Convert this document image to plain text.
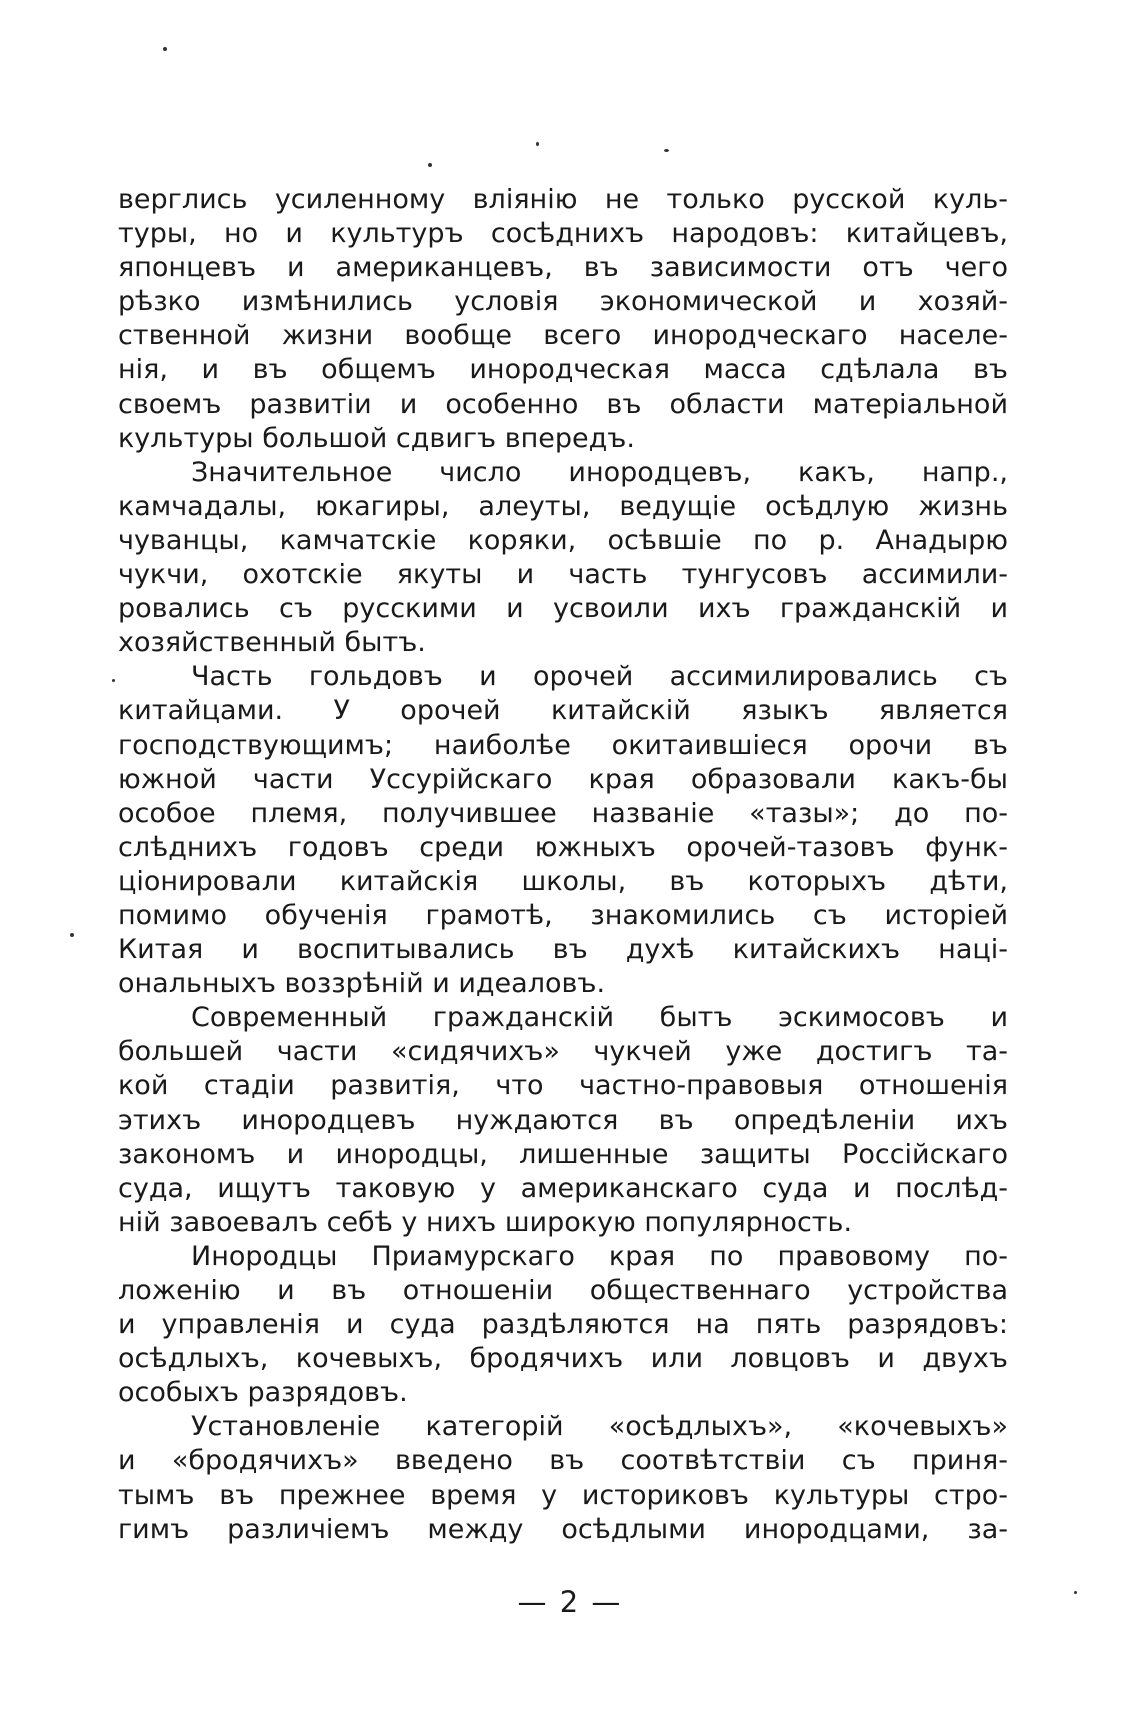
верглись усиленному вліянію не только русской куль-
туры, но и культуръ сосѣднихъ народовъ: китайцевъ,
японцевъ и американцевъ, въ зависимости отъ чего
рѣзко измѣнились условія экономической и хозяй-
ственной жизни вообще всего инородческаго населе-
нія, и въ общемъ инородческая масса сдѣлала въ
своемъ развитіи и особенно въ области матеріальной
культуры большой сдвигъ впередъ.
Значительное число инородцевъ, какъ, напр.,
камчадалы, юкагиры, алеуты, ведущіе осѣдлую жизнь
чуванцы, камчатскіе коряки, осѣвшіе по р. Анадырю
чукчи, охотскіе якуты и часть тунгусовъ ассимили-
ровались съ русскими и усвоили ихъ гражданскій и
хозяйственный бытъ.
Часть гольдовъ и орочей ассимилировались съ
китайцами. У орочей китайскій языкъ является
господствующимъ; наиболѣе окитаившіеся орочи въ
южной части Уссурійскаго края образовали какъ-бы
особое племя, получившее названіе «тазы»; до по-
слѣднихъ годовъ среди южныхъ орочей-тазовъ функ-
ціонировали китайскія школы, въ которыхъ дѣти,
помимо обученія грамотѣ, знакомились съ исторіей
Китая и воспитывались въ духѣ китайскихъ наці-
ональныхъ воззрѣній и идеаловъ.
Современный гражданскій бытъ эскимосовъ и
большей части «сидячихъ» чукчей уже достигъ та-
кой стадіи развитія, что частно-правовыя отношенія
этихъ инородцевъ нуждаются въ опредѣленіи ихъ
закономъ и инородцы, лишенные защиты Россійскаго
суда, ищутъ таковую у американскаго суда и послѣд-
ній завоевалъ себѣ у нихъ широкую популярность.
Инородцы Приамурскаго края по правовому по-
ложенію и въ отношеніи общественнаго устройства
и управленія и суда раздѣляются на пять разрядовъ:
осѣдлыхъ, кочевыхъ, бродячихъ или ловцовъ и двухъ
особыхъ разрядовъ.
Установленіе категорій «осѣдлыхъ», «кочевыхъ»
и «бродячихъ» введено въ соотвѣтствіи съ приня-
тымъ въ прежнее время у историковъ культуры стро-
гимъ различіемъ между осѣдлыми инородцами, за-
— 2 —
